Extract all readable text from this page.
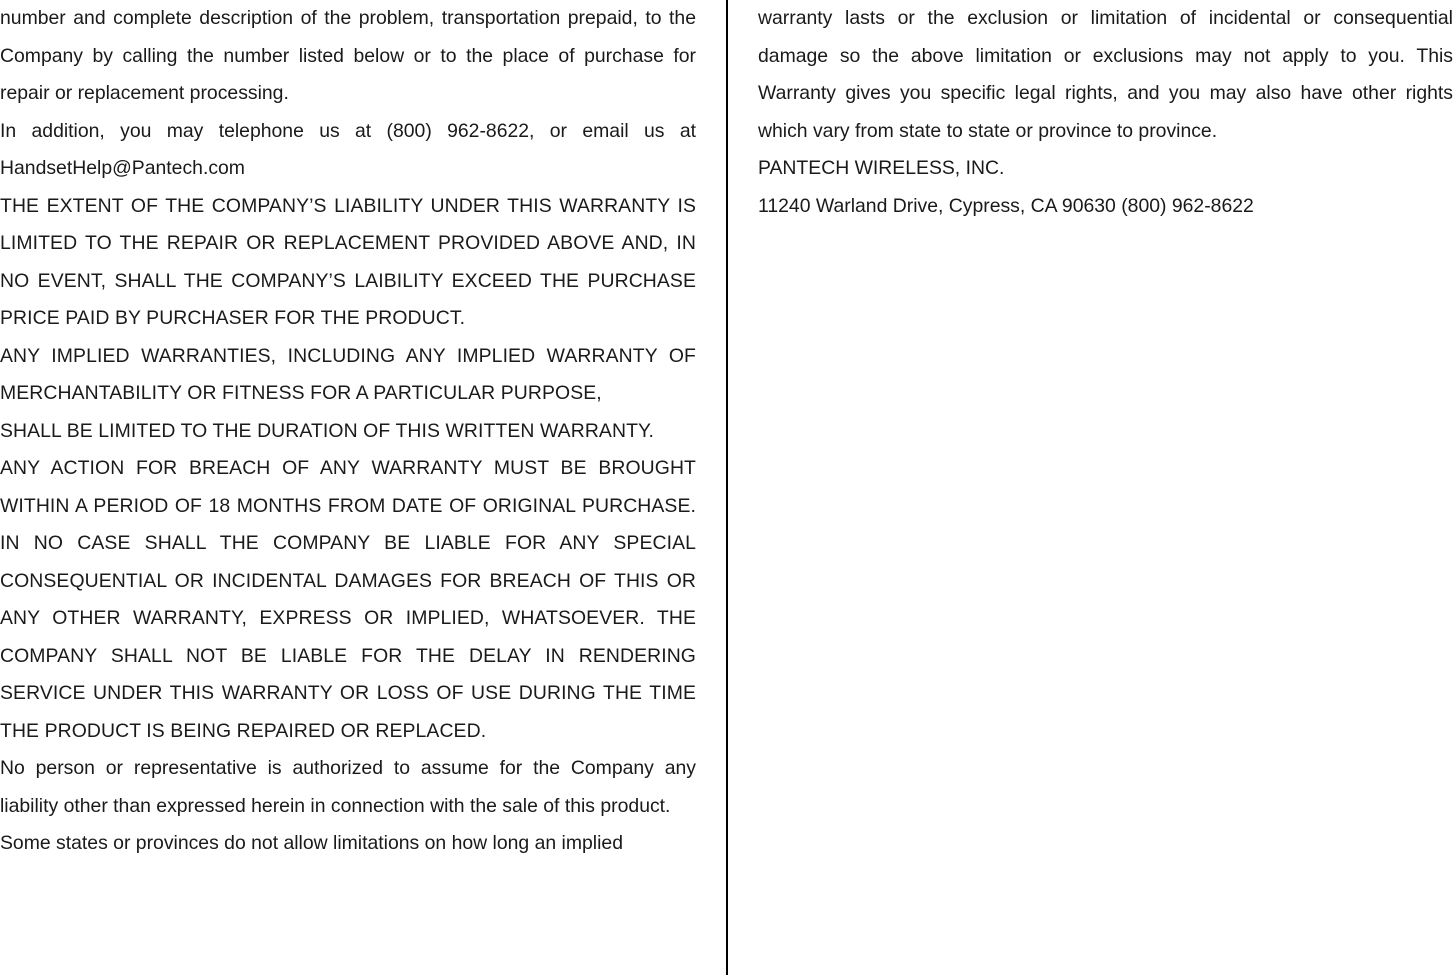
number and complete description of the problem, transportation prepaid, to the Company by calling the number listed below or to the place of purchase for repair or replacement processing.

In addition, you may telephone us at (800) 962-8622, or email us at HandsetHelp@Pantech.com

THE EXTENT OF THE COMPANY’S LIABILITY UNDER THIS WARRANTY IS LIMITED TO THE REPAIR OR REPLACEMENT PROVIDED ABOVE AND, IN NO EVENT, SHALL THE COMPANY’S LAIBILITY EXCEED THE PURCHASE PRICE PAID BY PURCHASER FOR THE PRODUCT.

ANY IMPLIED WARRANTIES, INCLUDING ANY IMPLIED WARRANTY OF MERCHANTABILITY OR FITNESS FOR A PARTICULAR PURPOSE,

SHALL BE LIMITED TO THE DURATION OF THIS WRITTEN WARRANTY.

ANY ACTION FOR BREACH OF ANY WARRANTY MUST BE BROUGHT WITHIN A PERIOD OF 18 MONTHS FROM DATE OF ORIGINAL PURCHASE. IN NO CASE SHALL THE COMPANY BE LIABLE FOR ANY SPECIAL CONSEQUENTIAL OR INCIDENTAL DAMAGES FOR BREACH OF THIS OR ANY OTHER WARRANTY, EXPRESS OR IMPLIED, WHATSOEVER. THE COMPANY SHALL NOT BE LIABLE FOR THE DELAY IN RENDERING SERVICE UNDER THIS WARRANTY OR LOSS OF USE DURING THE TIME THE PRODUCT IS BEING REPAIRED OR REPLACED.

No person or representative is authorized to assume for the Company any liability other than expressed herein in connection with the sale of this product.

Some states or provinces do not allow limitations on how long an implied

warranty lasts or the exclusion or limitation of incidental or consequential damage so the above limitation or exclusions may not apply to you. This Warranty gives you specific legal rights, and you may also have other rights which vary from state to state or province to province.

PANTECH WIRELESS, INC.

11240 Warland Drive, Cypress, CA 90630 (800) 962-8622
